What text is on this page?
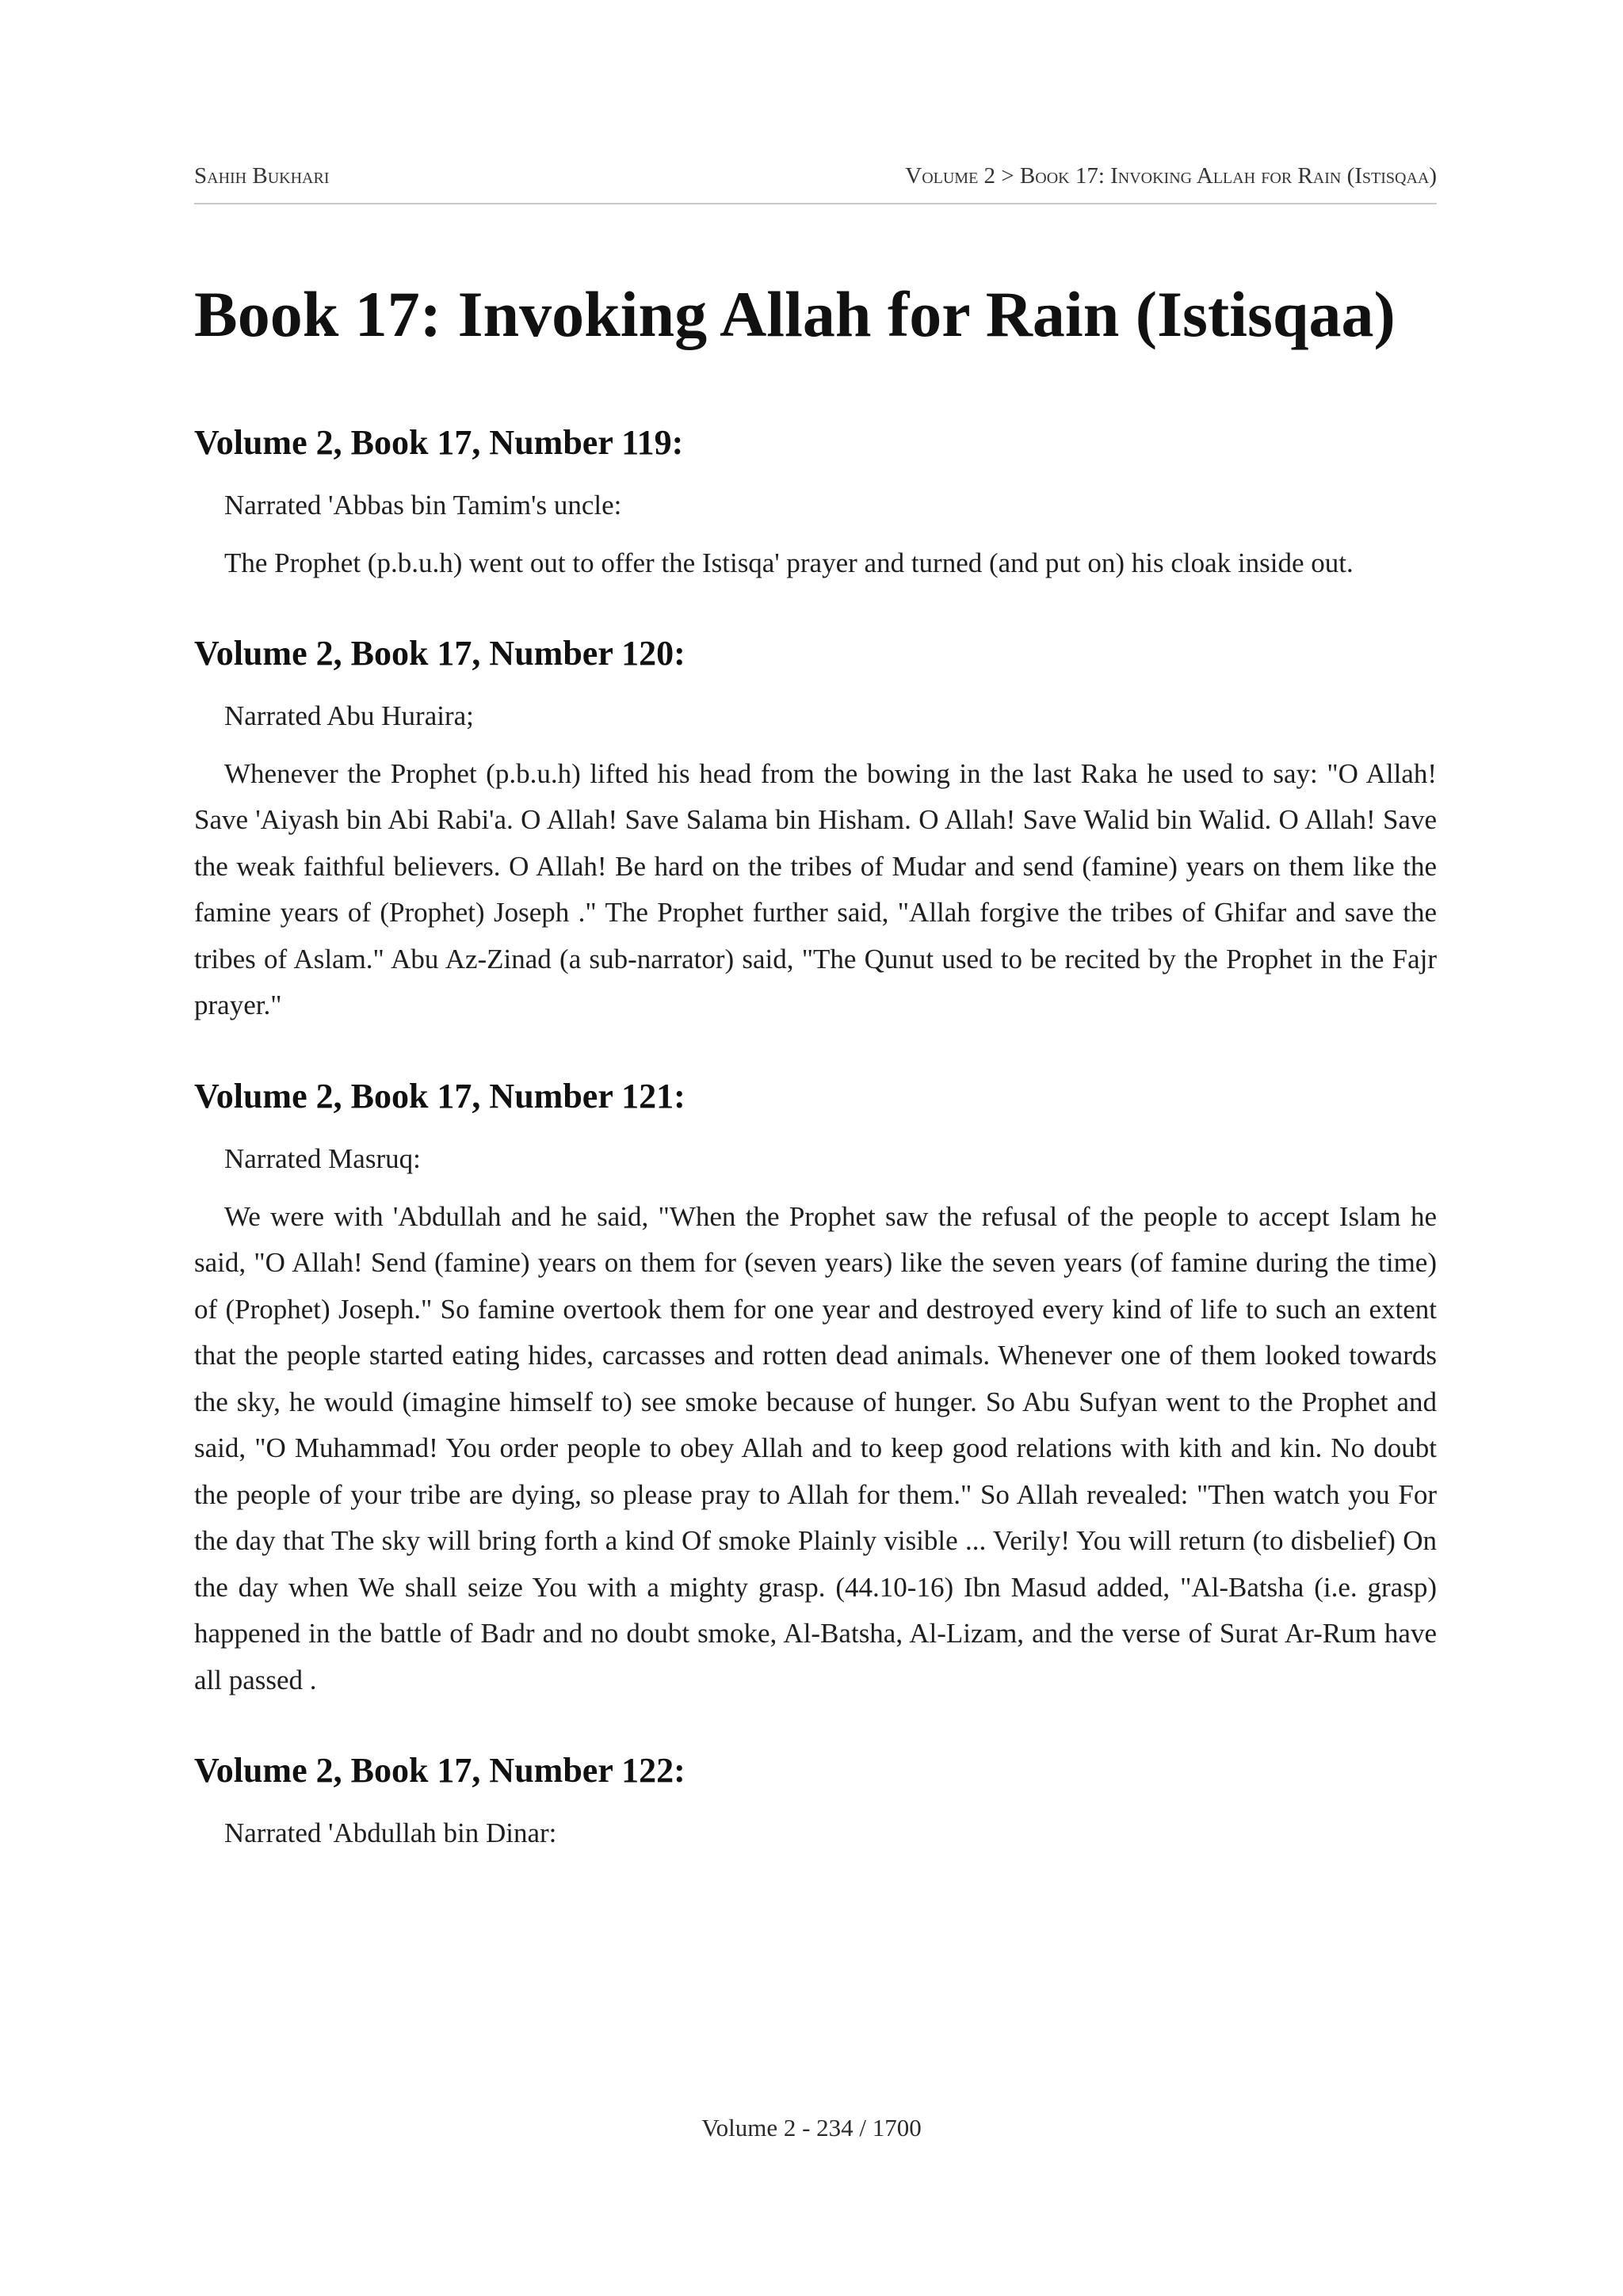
Sahih Bukhari	Volume 2 > Book 17: Invoking Allah for Rain (Istisqaa)
Book 17: Invoking Allah for Rain (Istisqaa)
Volume 2, Book 17, Number 119:

Narrated 'Abbas bin Tamim's uncle:

The Prophet (p.b.u.h) went out to offer the Istisqa' prayer and turned (and put on) his cloak inside out.

Volume 2, Book 17, Number 120:

Narrated Abu Huraira;

Whenever the Prophet (p.b.u.h) lifted his head from the bowing in the last Raka he used to say: "O Allah! Save 'Aiyash bin Abi Rabi'a. O Allah! Save Salama bin Hisham. O Allah! Save Walid bin Walid. O Allah! Save the weak faithful believers. O Allah! Be hard on the tribes of Mudar and send (famine) years on them like the famine years of (Prophet) Joseph ." The Prophet further said, "Allah forgive the tribes of Ghifar and save the tribes of Aslam." Abu Az-Zinad (a sub-narrator) said, "The Qunut used to be recited by the Prophet in the Fajr prayer."

Volume 2, Book 17, Number 121:

Narrated Masruq:

We were with 'Abdullah and he said, "When the Prophet saw the refusal of the people to accept Islam he said, "O Allah! Send (famine) years on them for (seven years) like the seven years (of famine during the time) of (Prophet) Joseph." So famine overtook them for one year and destroyed every kind of life to such an extent that the people started eating hides, carcasses and rotten dead animals. Whenever one of them looked towards the sky, he would (imagine himself to) see smoke because of hunger. So Abu Sufyan went to the Prophet and said, "O Muhammad! You order people to obey Allah and to keep good relations with kith and kin. No doubt the people of your tribe are dying, so please pray to Allah for them." So Allah revealed: "Then watch you For the day that The sky will bring forth a kind Of smoke Plainly visible ... Verily! You will return (to disbelief) On the day when We shall seize You with a mighty grasp. (44.10-16) Ibn Masud added, "Al-Batsha (i.e. grasp) happened in the battle of Badr and no doubt smoke, Al-Batsha, Al-Lizam, and the verse of Surat Ar-Rum have all passed .

Volume 2, Book 17, Number 122:

Narrated 'Abdullah bin Dinar:

Volume 2 - 234 / 1700
